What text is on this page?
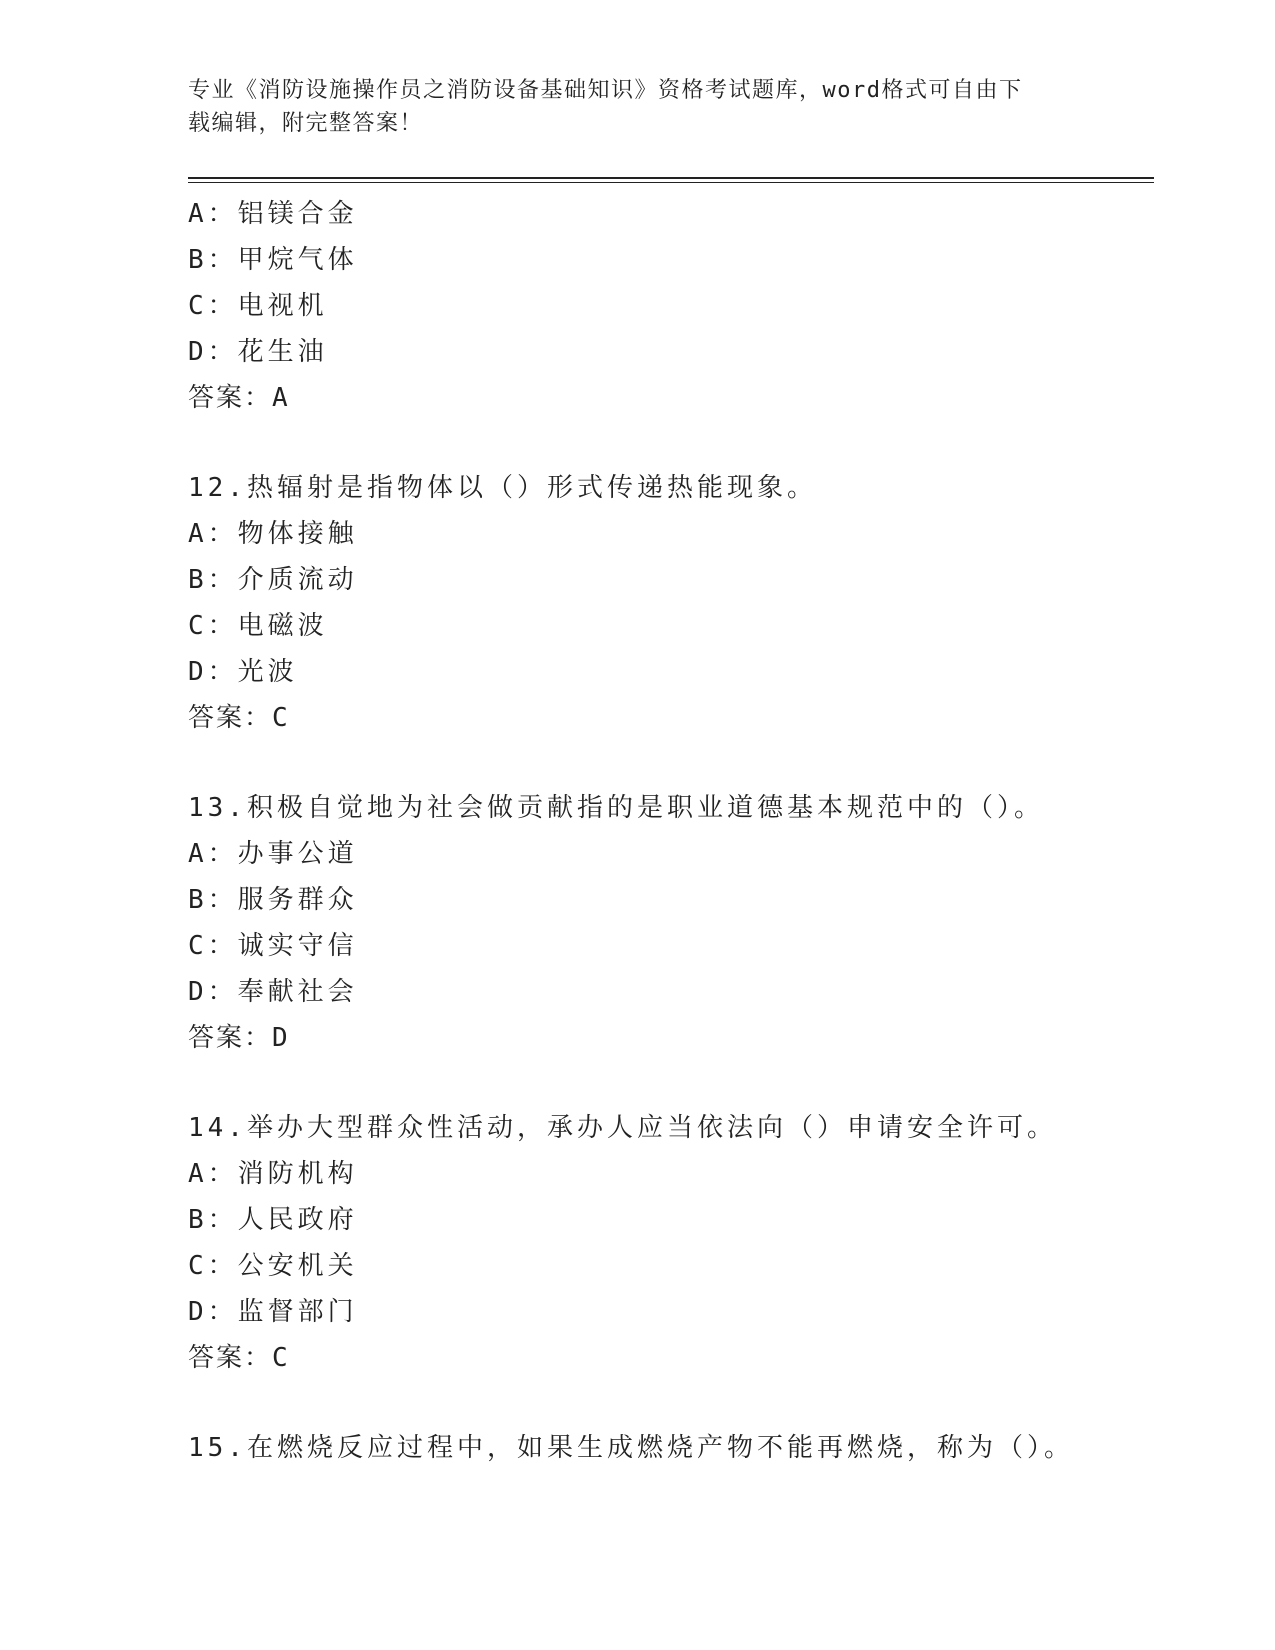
专业《消防设施操作员之消防设备基础知识》资格考试题库，word格式可自由下
载编辑，附完整答案！
A：铝镁合金
B：甲烷气体
C：电视机
D：花生油
答案：A
12.热辐射是指物体以（）形式传递热能现象。
A：物体接触
B：介质流动
C：电磁波
D：光波
答案：C
13.积极自觉地为社会做贡献指的是职业道德基本规范中的（）。
A：办事公道
B：服务群众
C：诚实守信
D：奉献社会
答案：D
14.举办大型群众性活动，承办人应当依法向（）申请安全许可。
A：消防机构
B：人民政府
C：公安机关
D：监督部门
答案：C
15.在燃烧反应过程中，如果生成燃烧产物不能再燃烧，称为（）。
